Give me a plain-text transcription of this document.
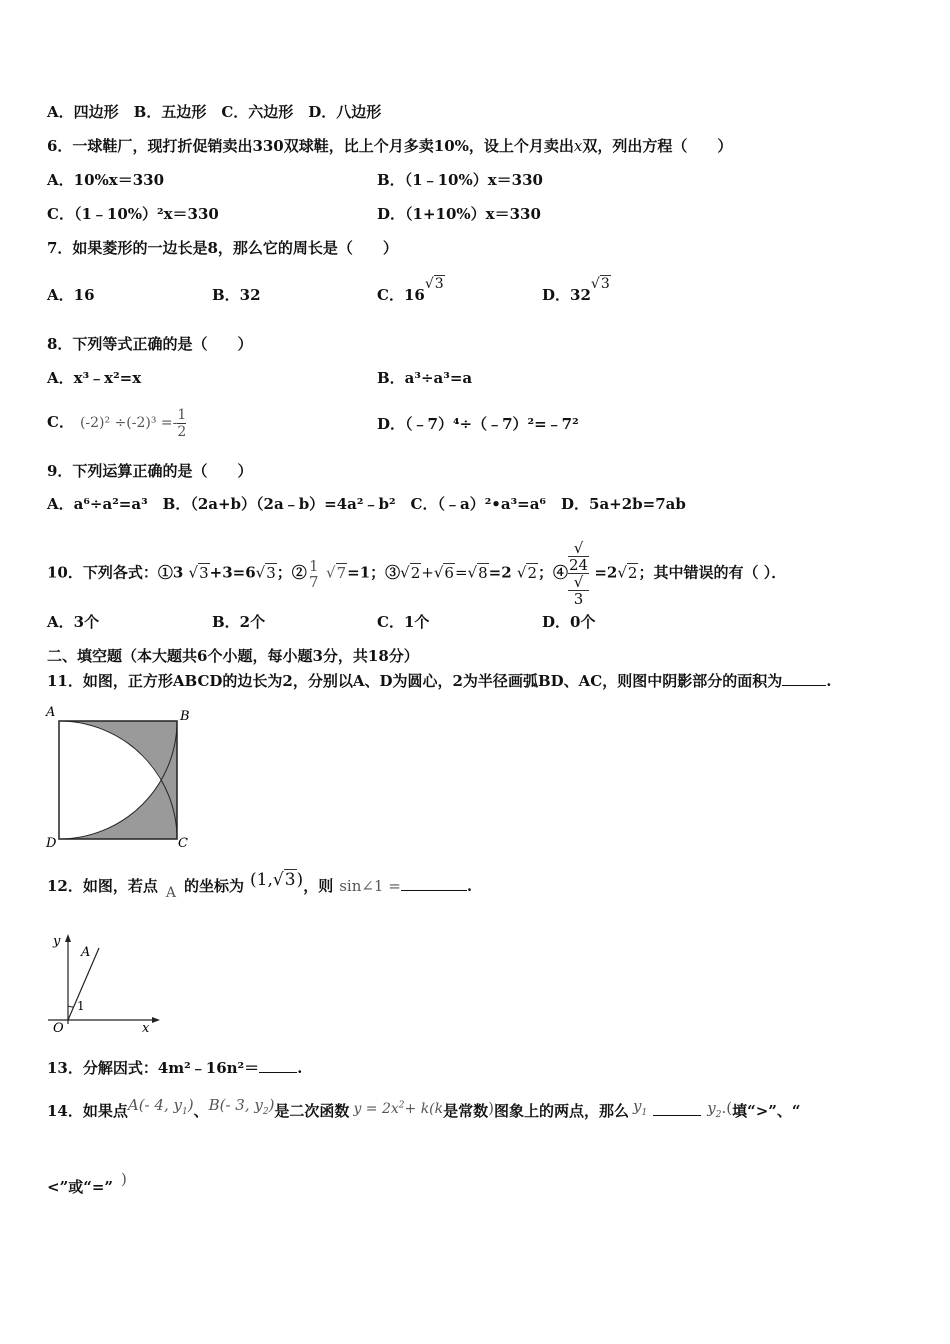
A．四边形　B．五边形　C．六边形　D．八边形
6．一球鞋厂，现打折促销卖出330双球鞋，比上个月多卖10%，设上个月卖出x双，列出方程（　　）
A．10%x＝330	B．（1﹣10%）x＝330
C．（1﹣10%）²x＝330	D．（1+10%）x＝330
7．如果菱形的一边长是8，那么它的周长是（　　）
A．16	B．32	C．16√3
D．32√3
8．下列等式正确的是（　　）
A．x³﹣x²=x	B．a³÷a³=a
C． $(-2)^2 \div(-2)^3 =- \frac{1}{2}$	D．（﹣7）⁴÷（﹣7）²=﹣7²
9．下列运算正确的是（　　）
A．a⁶÷a²=a³　B．（2a+b）（2a﹣b）=4a²﹣b²　C．（﹣a）²•a³=a⁶　D．5a+2b=7ab
10．下列各式：①3 √3+3=6√3；② 1
7 √7=1；③√2+√6=√8=2 √2；④ √
24
√
3 =2√2；其中错误的有（ ）．
A．3个	B．2个	C．1个	D．0个
二、填空题（本大题共6个小题，每小题3分，共18分）
11．如图，正方形ABCD的边长为2，分别以A、D为圆心，2为半径画弧BD、AC，则图中阴影部分的面积为	.
A	B
C
D
12．如图，若点 A 的坐标为 (1,√3)，则 sin∠1 =	.
y
A
1
O	x
13．分解因式：4m²﹣16n²＝	.
14．如果点A(- 4, $y_1$)、B(- 3, $y_2$)是二次函数 $y = 2x^2+ k(k$是常数)图象上的两点，那么 $y_1$	$y_2$.(填“>”、“
<”或“=” )
